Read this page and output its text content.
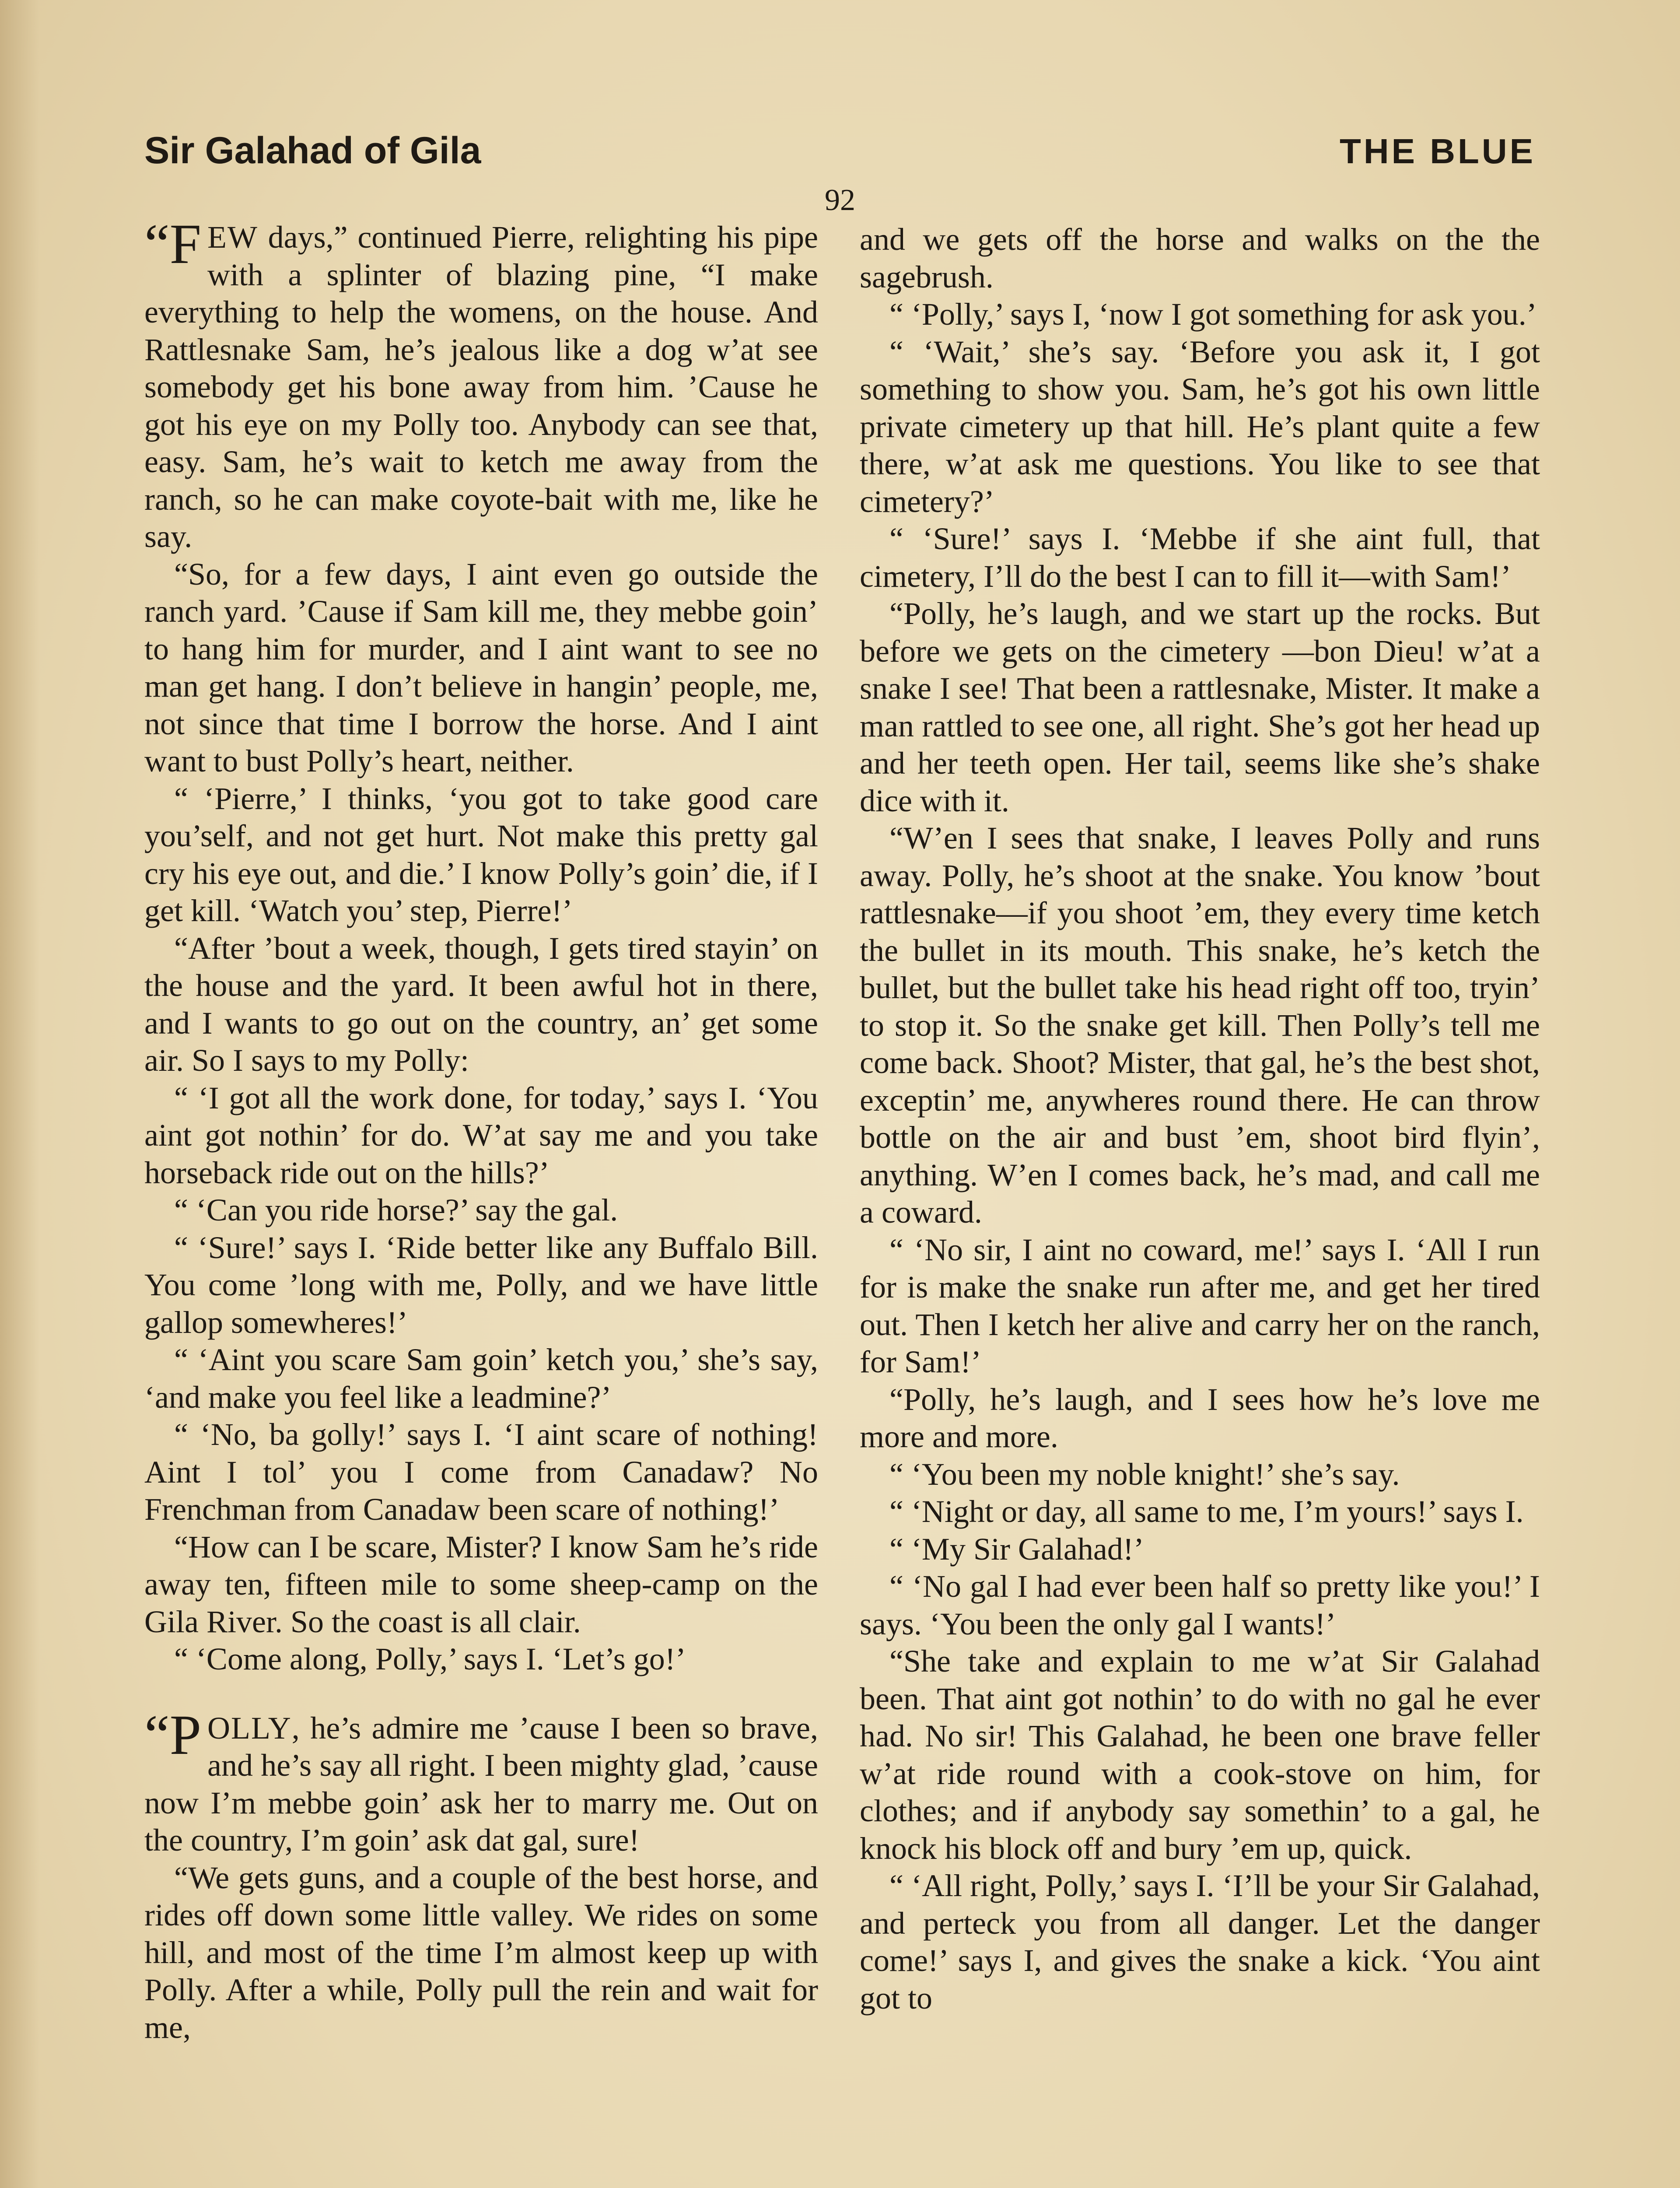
Sir Galahad of Gila	THE BLUE
92

“FEW days,” continued Pierre, relighting his pipe with a splinter of blazing pine, “I make everything to help the womens, on the house. And Rattlesnake Sam, he’s jealous like a dog w’at see somebody get his bone away from him. ’Cause he got his eye on my Polly too. Anybody can see that, easy. Sam, he’s wait to ketch me away from the ranch, so he can make coyote-bait with me, like he say.

“So, for a few days, I aint even go outside the ranch yard. ’Cause if Sam kill me, they mebbe goin’ to hang him for murder, and I aint want to see no man get hang. I don’t believe in hangin’ people, me, not since that time I borrow the horse. And I aint want to bust Polly’s heart, neither.

“ ‘Pierre,’ I thinks, ‘you got to take good care you’self, and not get hurt. Not make this pretty gal cry his eye out, and die.’ I know Polly’s goin’ die, if I get kill. ‘Watch you’ step, Pierre!’

“After ’bout a week, though, I gets tired stayin’ on the house and the yard. It been awful hot in there, and I wants to go out on the country, an’ get some air. So I says to my Polly:

“ ‘I got all the work done, for today,’ says I. ‘You aint got nothin’ for do. W’at say me and you take horseback ride out on the hills?’

“ ‘Can you ride horse?’ say the gal.

“ ‘Sure!’ says I. ‘Ride better like any Buffalo Bill. You come ’long with me, Polly, and we have little gallop somewheres!’

“ ‘Aint you scare Sam goin’ ketch you,’ she’s say, ‘and make you feel like a leadmine?’

“ ‘No, ba golly!’ says I. ‘I aint scare of nothing! Aint I tol’ you I come from Canadaw? No Frenchman from Canadaw been scare of nothing!’

“How can I be scare, Mister? I know Sam he’s ride away ten, fifteen mile to some sheep-camp on the Gila River. So the coast is all clair.

“ ‘Come along, Polly,’ says I. ‘Let’s go!’

“POLLY, he’s admire me ’cause I been so brave, and he’s say all right. I been mighty glad, ’cause now I’m mebbe goin’ ask her to marry me. Out on the country, I’m goin’ ask dat gal, sure!

“We gets guns, and a couple of the best horse, and rides off down some little valley. We rides on some hill, and most of the time I’m almost keep up with Polly. After a while, Polly pull the rein and wait for me,

and we gets off the horse and walks on the the sagebrush.

“ ‘Polly,’ says I, ‘now I got something for ask you.’

“ ‘Wait,’ she’s say. ‘Before you ask it, I got something to show you. Sam, he’s got his own little private cimetery up that hill. He’s plant quite a few there, w’at ask me questions. You like to see that cimetery?’

“ ‘Sure!’ says I. ‘Mebbe if she aint full, that cimetery, I’ll do the best I can to fill it—with Sam!’

“Polly, he’s laugh, and we start up the rocks. But before we gets on the cimetery —bon Dieu! w’at a snake I see! That been a rattlesnake, Mister. It make a man rattled to see one, all right. She’s got her head up and her teeth open. Her tail, seems like she’s shake dice with it.

“W’en I sees that snake, I leaves Polly and runs away. Polly, he’s shoot at the snake. You know ’bout rattlesnake—if you shoot ’em, they every time ketch the bullet in its mouth. This snake, he’s ketch the bullet, but the bullet take his head right off too, tryin’ to stop it. So the snake get kill. Then Polly’s tell me come back. Shoot? Mister, that gal, he’s the best shot, exceptin’ me, anywheres round there. He can throw bottle on the air and bust ’em, shoot bird flyin’, anything. W’en I comes back, he’s mad, and call me a coward.

“ ‘No sir, I aint no coward, me!’ says I. ‘All I run for is make the snake run after me, and get her tired out. Then I ketch her alive and carry her on the ranch, for Sam!’

“Polly, he’s laugh, and I sees how he’s love me more and more.

“ ‘You been my noble knight!’ she’s say.

“ ‘Night or day, all same to me, I’m yours!’ says I.

“ ‘My Sir Galahad!’

“ ‘No gal I had ever been half so pretty like you!’ I says. ‘You been the only gal I wants!’

“She take and explain to me w’at Sir Galahad been. That aint got nothin’ to do with no gal he ever had. No sir! This Galahad, he been one brave feller w’at ride round with a cook-stove on him, for clothes; and if anybody say somethin’ to a gal, he knock his block off and bury ’em up, quick.

“ ‘All right, Polly,’ says I. ‘I’ll be your Sir Galahad, and perteck you from all danger. Let the danger come!’ says I, and gives the snake a kick. ‘You aint got to
